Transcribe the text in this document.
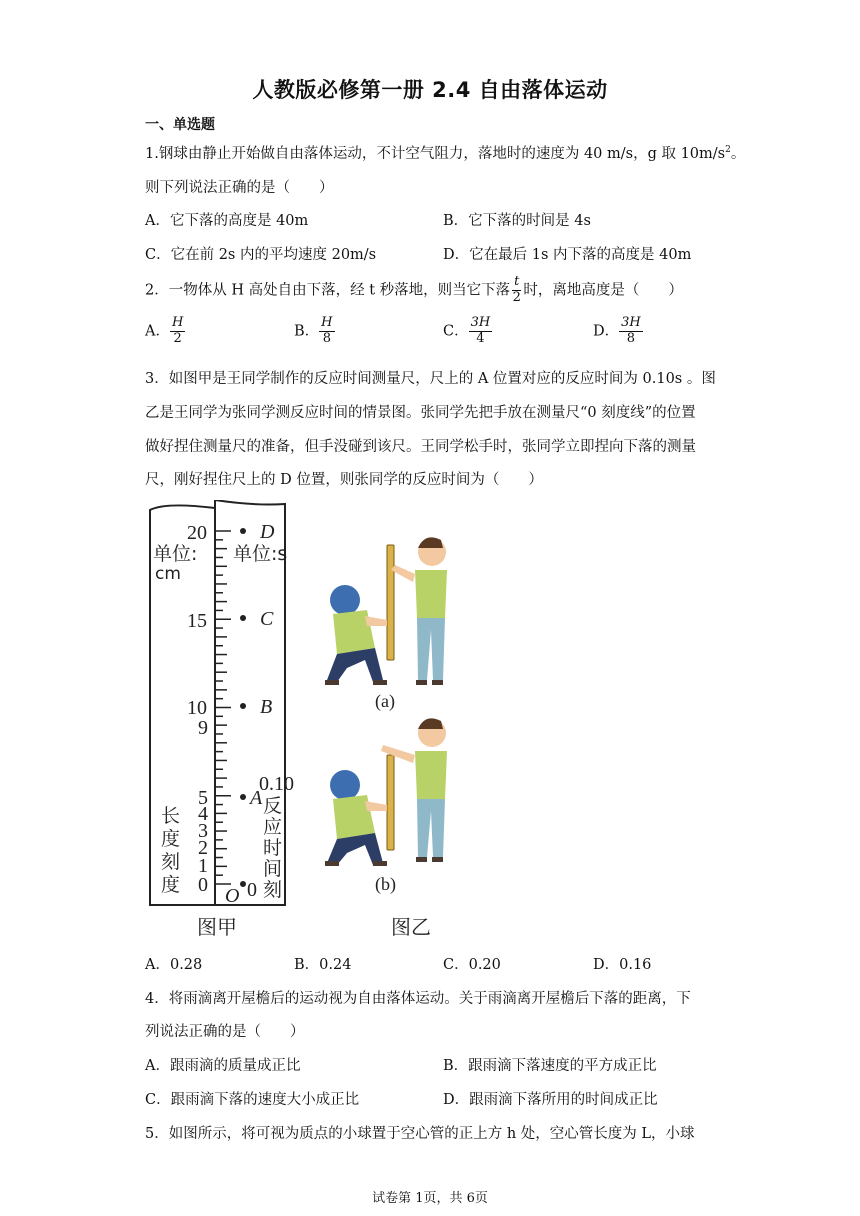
人教版必修第一册 2.4 自由落体运动
一、单选题
1.钢球由静止开始做自由落体运动，不计空气阻力，落地时的速度为 40 m/s，g 取 $10m/s^2$。
则下列说法正确的是（　　）
A．它下落的高度是 40m	B．它下落的时间是 4s
C．它在前 2s 内的平均速度 20m/s	D．它在最后 1s 内下落的高度是 40m
2．一物体从 H 高处自由下落，经 t 秒落地，则当它下落 $\frac{t}{2}$ 时，离地高度是（　　）
A． $\frac{H}{2}$	B． $\frac{H}{8}$	C． $\frac{3H}{4}$	D． $\frac{3H}{8}$
3．如图甲是王同学制作的反应时间测量尺，尺上的 A 位置对应的反应时间为 0.10s 。图
乙是王同学为张同学测反应时间的情景图。张同学先把手放在测量尺“0 刻度线”的位置
做好捏住测量尺的准备，但手没碰到该尺。王同学松手时，张同学立即捏向下落的测量
尺，刚好捏住尺上的 D 位置，则张同学的反应时间为（　　）
20
15
10
9
5
4
3
2
1
0
单位:
cm
单位:s
D
C
B
A
O
0.10
0
长
度
刻
度
反
应
时
间
刻
(a)
(b)
图甲	图乙
A．0.28	B．0.24	C．0.20	D．0.16
4．将雨滴离开屋檐后的运动视为自由落体运动。关于雨滴离开屋檐后下落的距离，下
列说法正确的是（　　）
A．跟雨滴的质量成正比	B．跟雨滴下落速度的平方成正比
C．跟雨滴下落的速度大小成正比	D．跟雨滴下落所用的时间成正比
5．如图所示，将可视为质点的小球置于空心管的正上方 h 处，空心管长度为 L，小球
试卷第 1页，共 6页
